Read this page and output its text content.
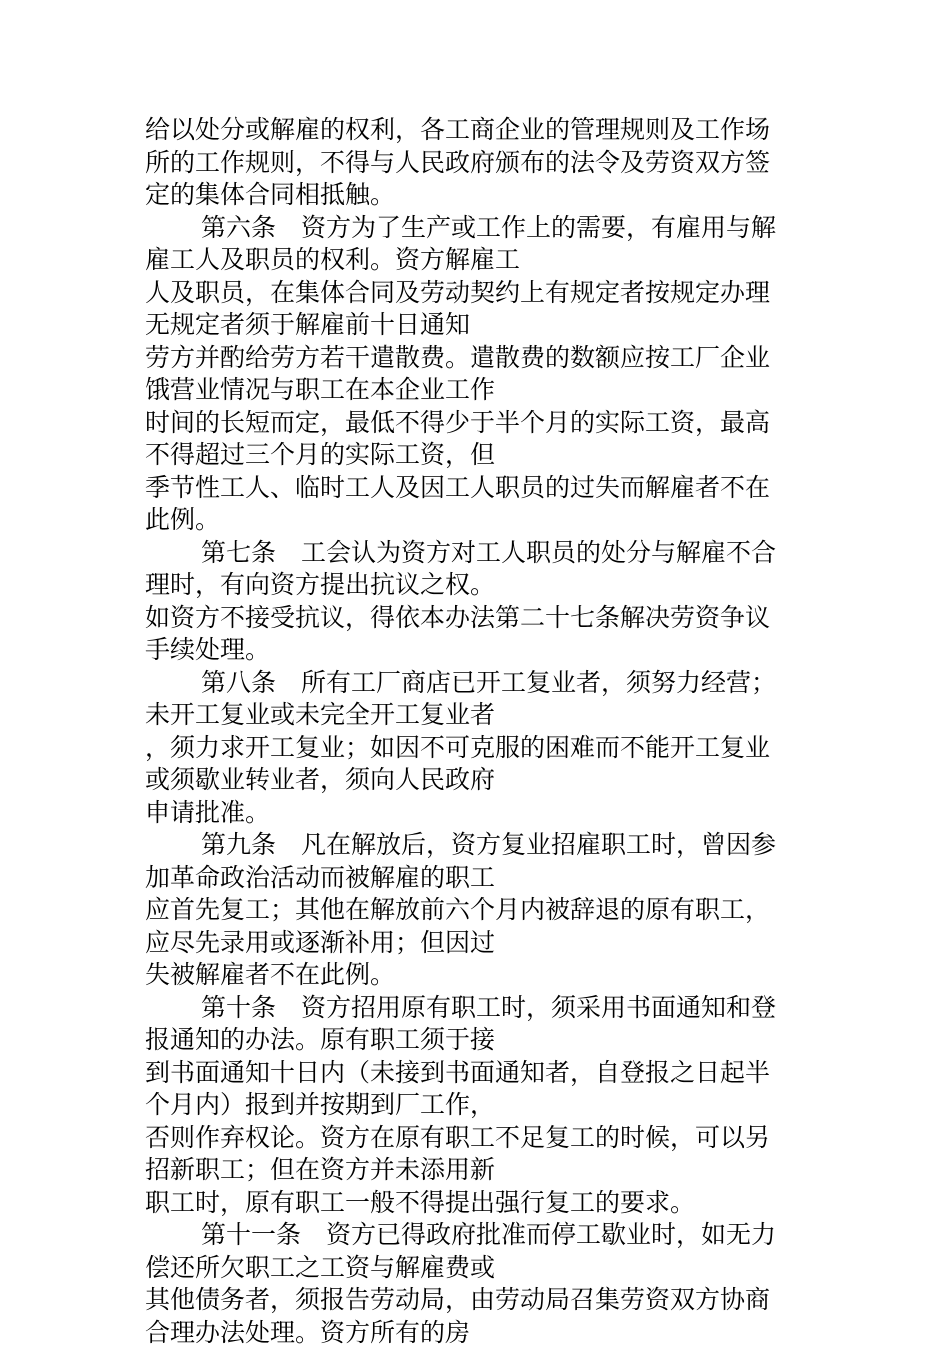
给以处分或解雇的权利，各工商企业的管理规则及工作场
所的工作规则，不得与人民政府颁布的法令及劳资双方签
定的集体合同相抵触。
第六条　资方为了生产或工作上的需要，有雇用与解
雇工人及职员的权利。资方解雇工
人及职员，在集体合同及劳动契约上有规定者按规定办理
无规定者须于解雇前十日通知
劳方并酌给劳方若干遣散费。遣散费的数额应按工厂企业
饿营业情况与职工在本企业工作
时间的长短而定，最低不得少于半个月的实际工资，最高
不得超过三个月的实际工资，但
季节性工人、临时工人及因工人职员的过失而解雇者不在
此例。
第七条　工会认为资方对工人职员的处分与解雇不合
理时，有向资方提出抗议之权。
如资方不接受抗议，得依本办法第二十七条解决劳资争议
手续处理。
第八条　所有工厂商店已开工复业者，须努力经营；
未开工复业或未完全开工复业者
，须力求开工复业；如因不可克服的困难而不能开工复业
或须歇业转业者，须向人民政府
申请批准。
第九条　凡在解放后，资方复业招雇职工时，曾因参
加革命政治活动而被解雇的职工
应首先复工；其他在解放前六个月内被辞退的原有职工，
应尽先录用或逐渐补用；但因过
失被解雇者不在此例。
第十条　资方招用原有职工时，须采用书面通知和登
报通知的办法。原有职工须于接
到书面通知十日内（未接到书面通知者，自登报之日起半
个月内）报到并按期到厂工作，
否则作弃权论。资方在原有职工不足复工的时候，可以另
招新职工；但在资方并未添用新
职工时，原有职工一般不得提出强行复工的要求。
第十一条　资方已得政府批准而停工歇业时，如无力
偿还所欠职工之工资与解雇费或
其他债务者，须报告劳动局，由劳动局召集劳资双方协商
合理办法处理。资方所有的房
